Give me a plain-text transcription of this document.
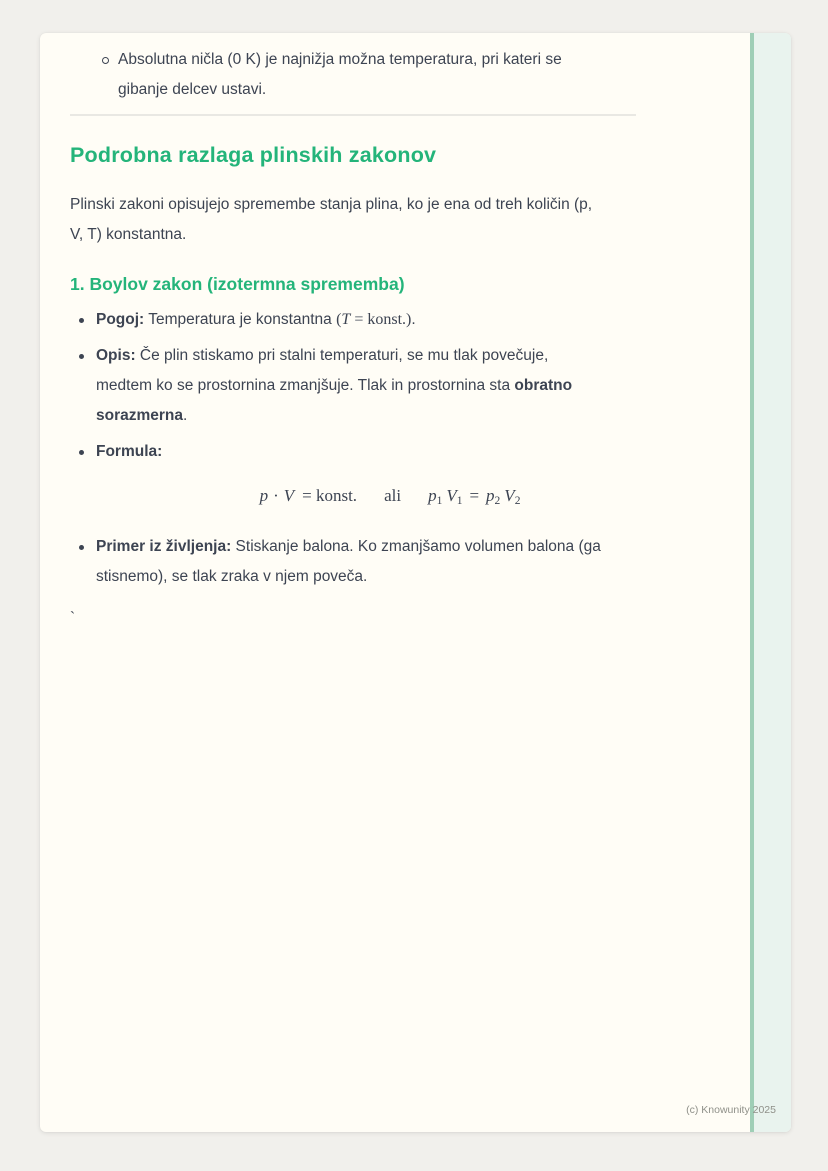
Absolutna ničla (0 K) je najnižja možna temperatura, pri kateri se
gibanje delcev ustavi.
Podrobna razlaga plinskih zakonov

Plinski zakoni opisujejo spremembe stanja plina, ko je ena od treh količin (p,
V, T) konstantna.

1. Boylov zakon (izotermna sprememba)
Pogoj: Temperatura je konstantna (T = konst.).
Opis: Če plin stiskamo pri stalni temperaturi, se mu tlak povečuje,
medtem ko se prostornina zmanjšuje. Tlak in prostornina sta obratno
sorazmerna.
Formula:
p · V = konst. ali $p_1$ $V_1 = p_2$ $V_2$
Primer iz življenja: Stiskanje balona. Ko zmanjšamo volumen balona (ga
stisnemo), se tlak zraka v njem poveča.
`
(c) Knowunity 2025
